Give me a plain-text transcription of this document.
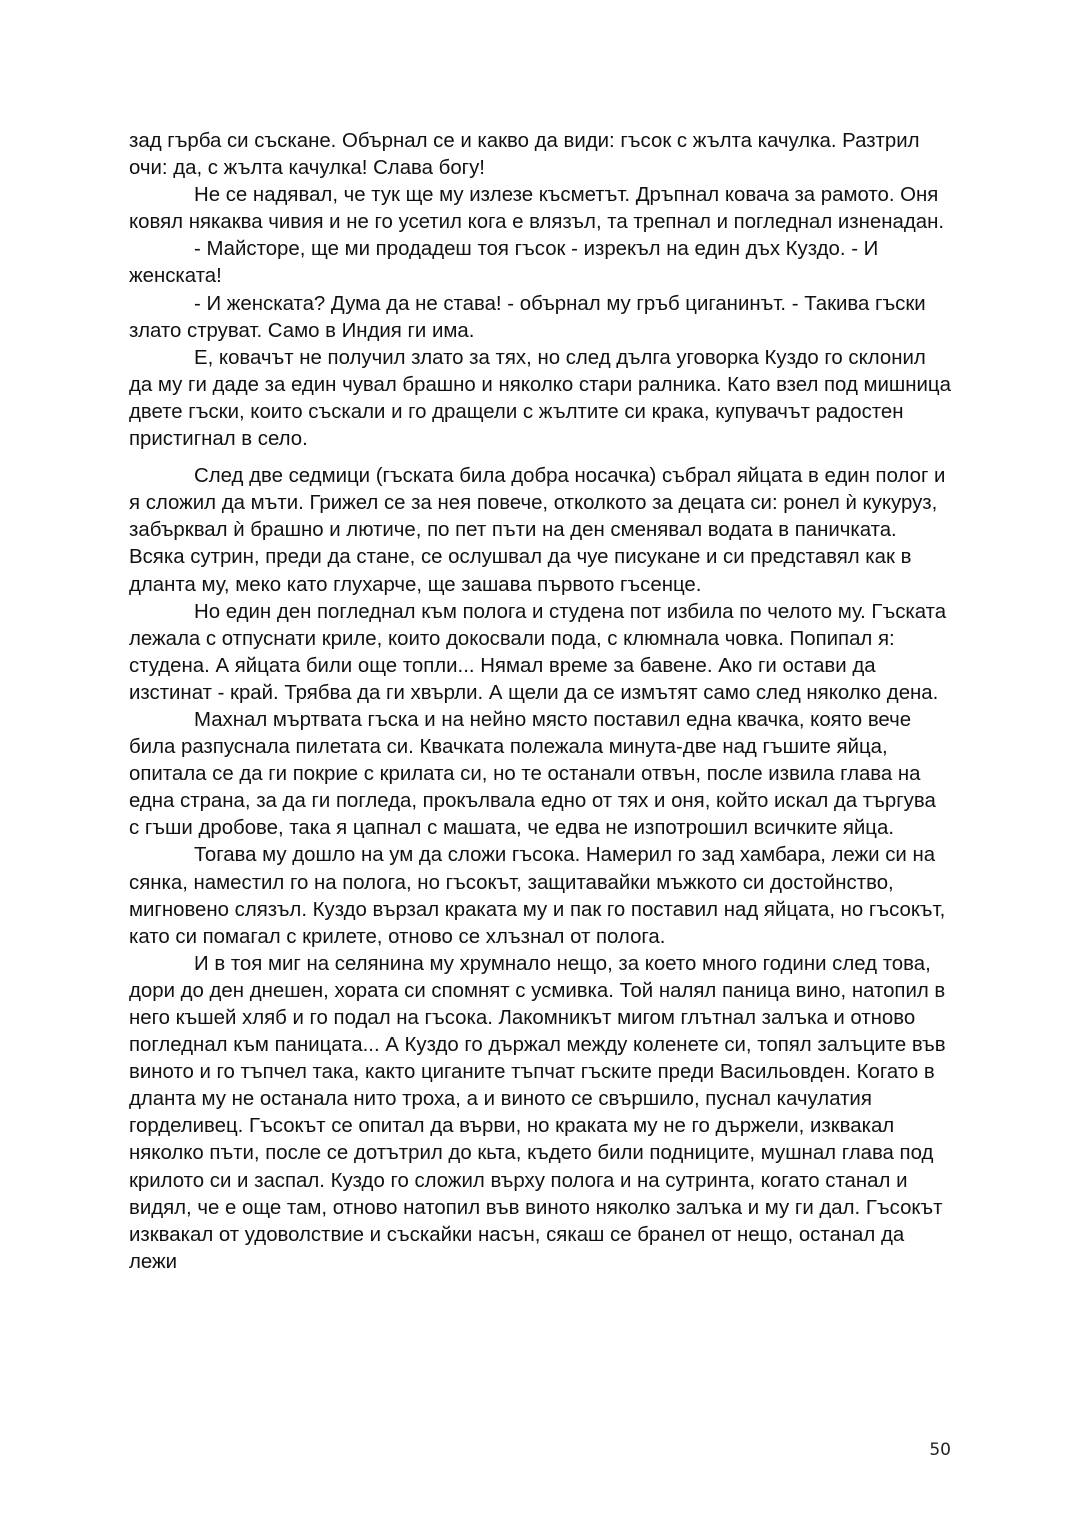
зад гърба си съскане. Обърнал се и какво да види: гъсок с жълта качулка. Разтрил очи: да, с жълта качулка! Слава богу!

Не се надявал, че тук ще му излезе късметът. Дръпнал ковача за рамото. Оня ковял някаква чивия и не го усетил кога е влязъл, та трепнал и погледнал изненадан.

- Майсторе, ще ми продадеш тоя гъсок - изрекъл на един дъх Куздо. - И женската!

- И женската? Дума да не става! - обърнал му гръб циганинът. - Такива гъски злато струват. Само в Индия ги има.

Е, ковачът не получил злато за тях, но след дълга уговорка Куздо го склонил да му ги даде за един чувал брашно и няколко стари ралника. Като взел под мишница двете гъски, които съскали и го дращели с жълтите си крака, купувачът радостен пристигнал в село.

След две седмици (гъската била добра носачка) събрал яйцата в един полог и я сложил да мъти. Грижел се за нея повече, отколкото за децата си: ронел ѝ кукуруз, забърквал ѝ брашно и лютиче, по пет пъти на ден сменявал водата в паничката. Всяка сутрин, преди да стане, се ослушвал да чуе писукане и си представял как в дланта му, меко като глухарче, ще зашава първото гъсенце.

Но един ден погледнал към полога и студена пот избила по челото му. Гъската лежала с отпуснати криле, които докосвали пода, с клюмнала човка. Попипал я: студена. А яйцата били още топли... Нямал време за бавене. Ако ги остави да изстинат - край. Трябва да ги хвърли. А щели да се измътят само след няколко дена.

Махнал мъртвата гъска и на нейно място поставил една квачка, която вече била разпуснала пилетата си. Квачката полежала минута-две над гъшите яйца, опитала се да ги покрие с крилата си, но те останали отвън, после извила глава на една страна, за да ги погледа, прокълвала едно от тях и оня, който искал да търгува с гъши дробове, така я цапнал с машата, че едва не изпотрошил всичките яйца.

Тогава му дошло на ум да сложи гъсока. Намерил го зад хамбара, лежи си на сянка, наместил го на полога, но гъсокът, защитавайки мъжкото си достойнство, мигновено слязъл. Куздо вързал краката му и пак го поставил над яйцата, но гъсокът, като си помагал с крилете, отново се хлъзнал от полога.

И в тоя миг на селянина му хрумнало нещо, за което много години след това, дори до ден днешен, хората си спомнят с усмивка. Той налял паница вино, натопил в него къшей хляб и го подал на гъсока. Лакомникът мигом глътнал залъка и отново погледнал към паницата... А Куздо го държал между коленете си, топял залъците във виното и го тъпчел така, както циганите тъпчат гъските преди Васильовден. Когато в дланта му не останала нито троха, а и виното се свършило, пуснал качулатия горделивец. Гъсокът се опитал да върви, но краката му не го държели, изквакал няколко пъти, после се дотътрил до кьта, където били подниците, мушнал глава под крилото си и заспал. Куздо го сложил върху полога и на сутринта, когато станал и видял, че е още там, отново натопил във виното няколко залъка и му ги дал. Гъсокът изквакал от удоволствие и съскайки насън, сякаш се бранел от нещо, останал да лежи

50
